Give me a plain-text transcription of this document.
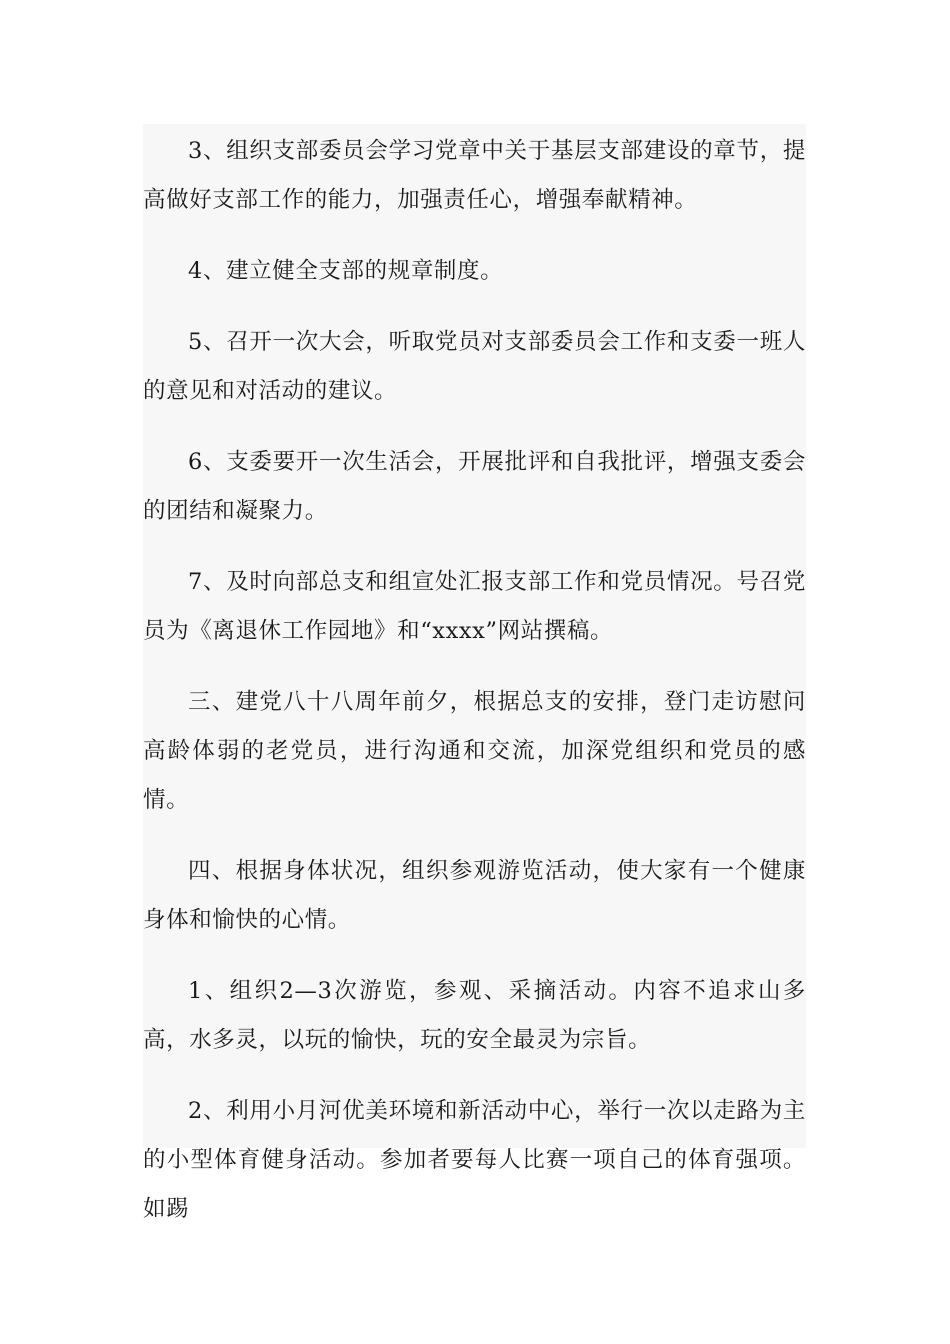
3、组织支部委员会学习党章中关于基层支部建设的章节，提高做好支部工作的能力，加强责任心，增强奉献精神。

4、建立健全支部的规章制度。

5、召开一次大会，听取党员对支部委员会工作和支委一班人的意见和对活动的建议。

6、支委要开一次生活会，开展批评和自我批评，增强支委会的团结和凝聚力。

7、及时向部总支和组宣处汇报支部工作和党员情况。号召党员为《离退休工作园地》和“xxxx”网站撰稿。

三、建党八十八周年前夕，根据总支的安排，登门走访慰问高龄体弱的老党员，进行沟通和交流，加深党组织和党员的感情。

四、根据身体状况，组织参观游览活动，使大家有一个健康身体和愉快的心情。

1、组织2—3次游览，参观、采摘活动。内容不追求山多高，水多灵，以玩的愉快，玩的安全最灵为宗旨。

2、利用小月河优美环境和新活动中心，举行一次以走路为主的小型体育健身活动。参加者要每人比赛一项自己的体育强项。如踢
